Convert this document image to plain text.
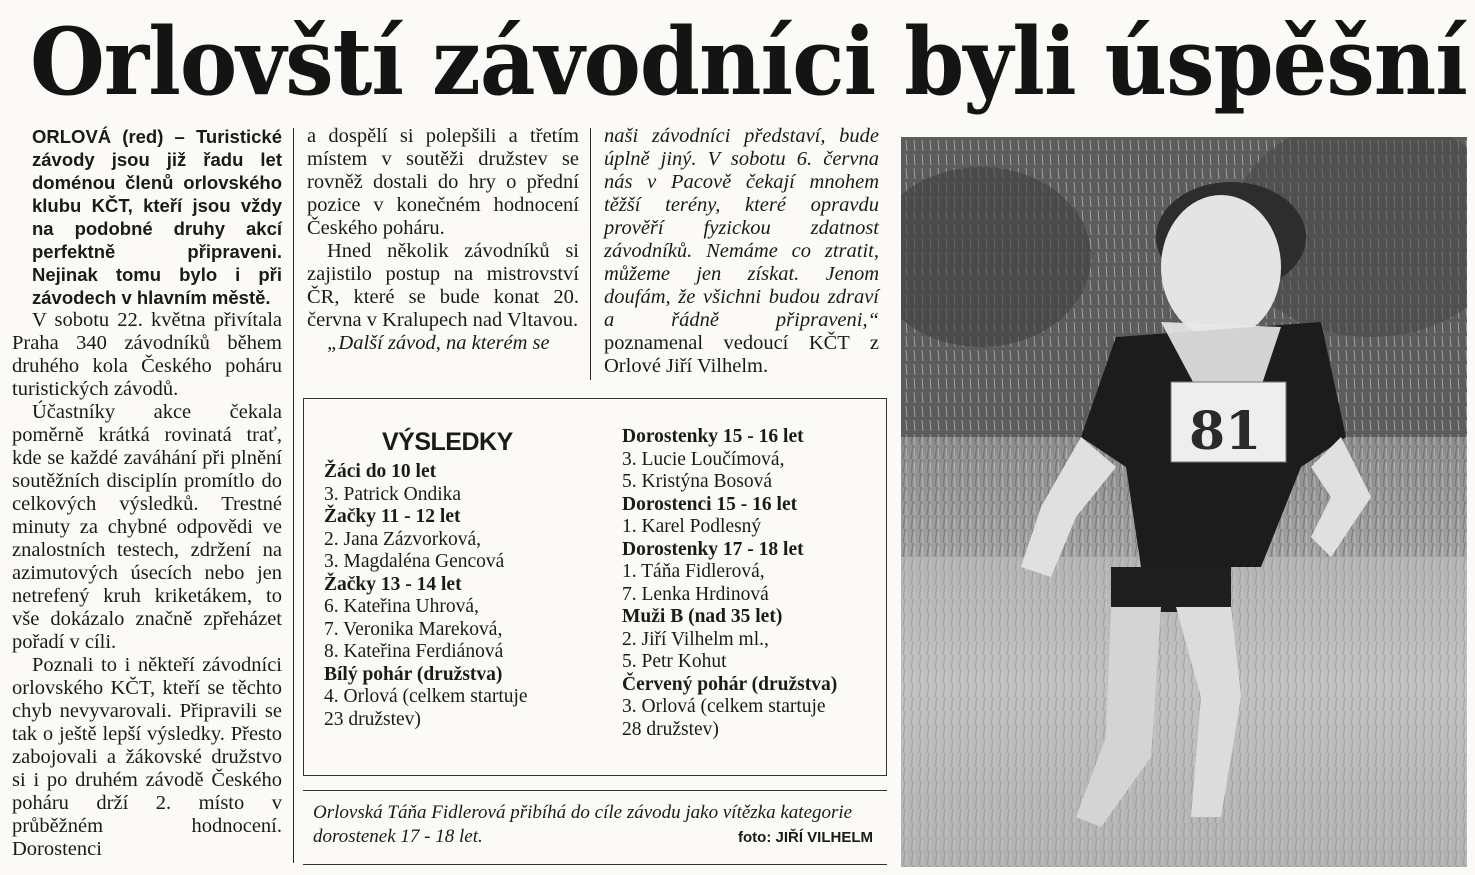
Orlovští závodníci byli úspěšní

ORLOVÁ (red) – Turistické závody jsou již řadu let doménou členů orlovského klubu KČT, kteří jsou vždy na podobné druhy akcí perfektně připraveni. Nejinak tomu bylo i při závodech v hlavním městě.

V sobotu 22. května přivítala Praha 340 závodníků během druhého kola Českého poháru turistických závodů.

Účastníky akce čekala poměrně krátká rovinatá trať, kde se každé zaváhání při plnění soutěžních disciplín promítlo do celkových výsledků. Trestné minuty za chybné odpovědi ve znalostních testech, zdržení na azimutových úsecích nebo jen netrefený kruh kriketákem, to vše dokázalo značně zpřeházet pořadí v cíli.

Poznali to i někteří závodníci orlovského KČT, kteří se těchto chyb nevyvarovali. Připravili se tak o ještě lepší výsledky. Přesto zabojovali a žákovské družstvo si i po druhém závodě Českého poháru drží 2. místo v průběžném hodnocení. Dorostenci

a dospělí si polepšili a třetím místem v soutěži družstev se rovněž dostali do hry o přední pozice v konečném hodnocení Českého poháru.

Hned několik závodníků si zajistilo postup na mistrovství ČR, které se bude konat 20. června v Kralupech nad Vltavou.

„Další závod, na kterém se

naši závodníci představí, bude úplně jiný. V sobotu 6. června nás v Pacově čekají mnohem těžší terény, které opravdu prověří fyzickou zdatnost závodníků. Nemáme co ztratit, můžeme jen získat. Jenom doufám, že všichni budou zdraví a řádně připraveni,“ poznamenal vedoucí KČT z Orlové Jiří Vilhelm.

VÝSLEDKY
Žáci do 10 let
3. Patrick Ondika
Žačky 11 - 12 let
2. Jana Zázvorková,
3. Magdaléna Gencová
Žačky 13 - 14 let
6. Kateřina Uhrová,
7. Veronika Mareková,
8. Kateřina Ferdiánová
Bílý pohár (družstva)
4. Orlová (celkem startuje
23 družstev)
Dorostenky 15 - 16 let
3. Lucie Loučímová,
5. Kristýna Bosová
Dorostenci 15 - 16 let
1. Karel Podlesný
Dorostenky 17 - 18 let
1. Táňa Fidlerová,
7. Lenka Hrdinová
Muži B (nad 35 let)
2. Jiří Vilhelm ml.,
5. Petr Kohut
Červený pohár (družstva)
3. Orlová (celkem startuje
28 družstev)
Orlovská Táňa Fidlerová přibíhá do cíle závodu jako vítězka kategorie dorostenek 17 - 18 let.	foto: JIŘÍ VILHELM
81
